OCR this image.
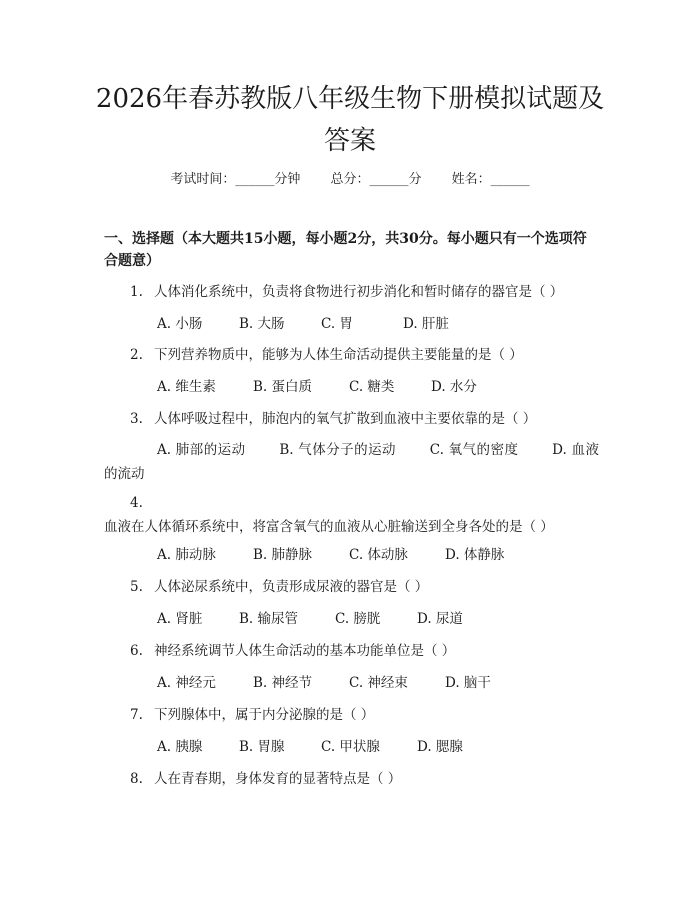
2026年春苏教版八年级生物下册模拟试题及答案
考试时间：______分钟 总分：______分 姓名：______
一、选择题（本大题共15小题，每小题2分，共30分。每小题只有一个选项符合题意）
1. 人体消化系统中，负责将食物进行初步消化和暂时储存的器官是（ ）
A. 小肠	B. 大肠	C. 胃	D. 肝脏
2. 下列营养物质中，能够为人体生命活动提供主要能量的是（ ）
A. 维生素	B. 蛋白质	C. 糖类	D. 水分
3. 人体呼吸过程中，肺泡内的氧气扩散到血液中主要依靠的是（ ）
A. 肺部的运动   	B. 气体分子的运动   	C. 氧气的密度   	D. 血液的流动
4.血液在人体循环系统中，将富含氧气的血液从心脏输送到全身各处的是（ ）
A. 肺动脉	B. 肺静脉	C. 体动脉	D. 体静脉
5. 人体泌尿系统中，负责形成尿液的器官是（ ）
A. 肾脏	B. 输尿管	C. 膀胱	D. 尿道
6. 神经系统调节人体生命活动的基本功能单位是（ ）
A. 神经元	B. 神经节	C. 神经束	D. 脑干
7. 下列腺体中，属于内分泌腺的是（ ）
A. 胰腺	B. 胃腺	C. 甲状腺	D. 腮腺
8. 人在青春期，身体发育的显著特点是（ ）
